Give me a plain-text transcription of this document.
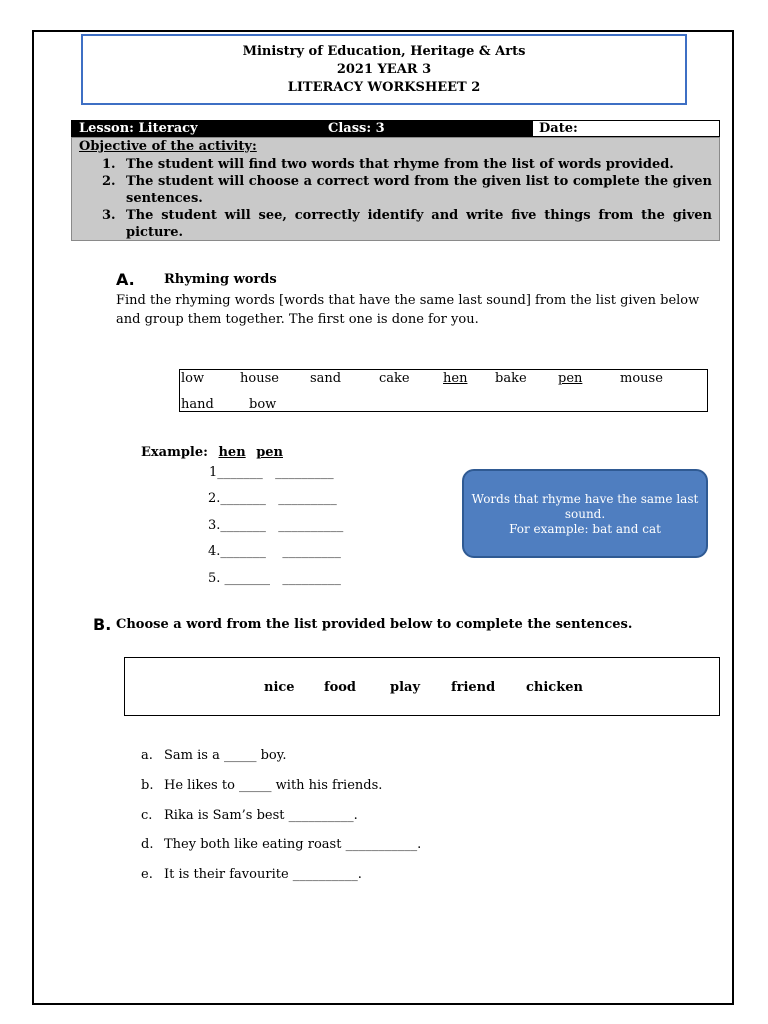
Ministry of Education, Heritage & Arts
2021 YEAR 3
LITERACY WORKSHEET 2
Lesson: Literacy	Class: 3	Date:
Objective of the activity:
1. The student will find two words that rhyme from the list of words provided.
2. The student will choose a correct word from the given list to complete the given sentences.
3. The student will see, correctly identify and write five things from the given picture.
A. Rhyming words
Find the rhyming words [words that have the same last sound] from the list given below and group them together. The first one is done for you.
low	house sand	cake	hen bake pen	mouse
hand	bow
Example: hen pen
1_______   _________
2._______   _________
3._______   __________
4._______    _________
5. _______   _________
Words that rhyme have the same last sound.
For example: bat and cat
B. Choose a word from the list provided below to complete the sentences.
nice food	play friend chicken
a. Sam is a _____ boy.
b. He likes to _____ with his friends.
c. Rika is Sam’s best __________.
d. They both like eating roast ___________.
e. It is their favourite __________.
